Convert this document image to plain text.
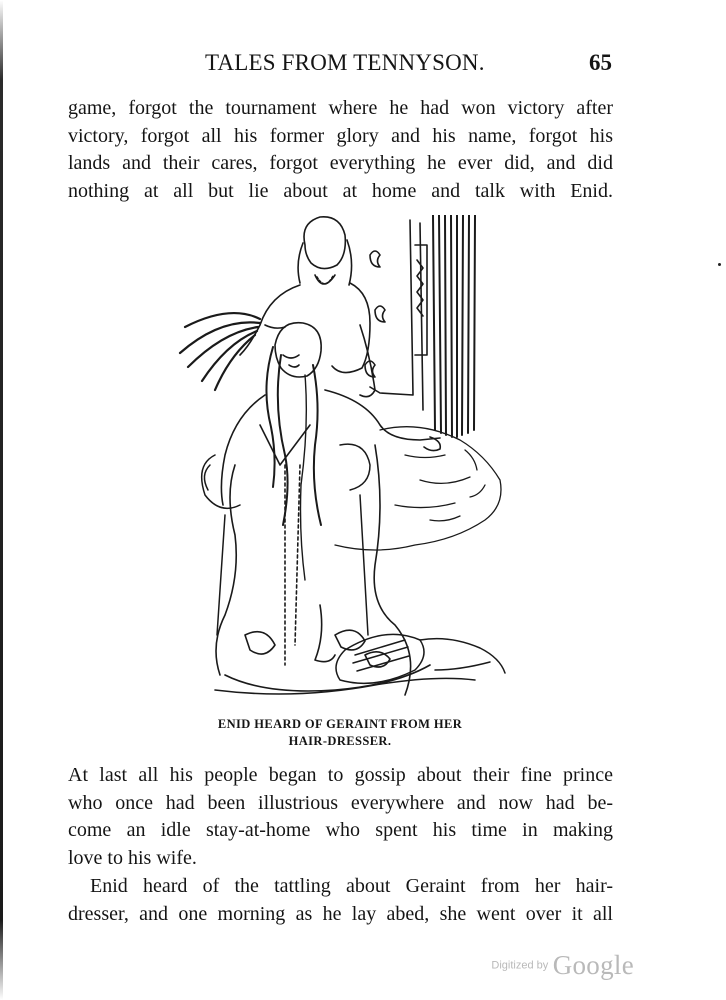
TALES FROM TENNYSON.	65

game, forgot the tournament where he had won victory after
victory, forgot all his former glory and his name, forgot his
lands and their cares, forgot everything he ever did, and did
nothing at all but lie about at home and talk with Enid.

ENID HEARD OF GERAINT FROM HER
HAIR-DRESSER.

At last all his people began to gossip about their fine prince
who once had been illustrious everywhere and now had be-
come an idle stay-at-home who spent his time in making
love to his wife.

Enid heard of the tattling about Geraint from her hair-
dresser, and one morning as he lay abed, she went over it all

Digitized by Google
